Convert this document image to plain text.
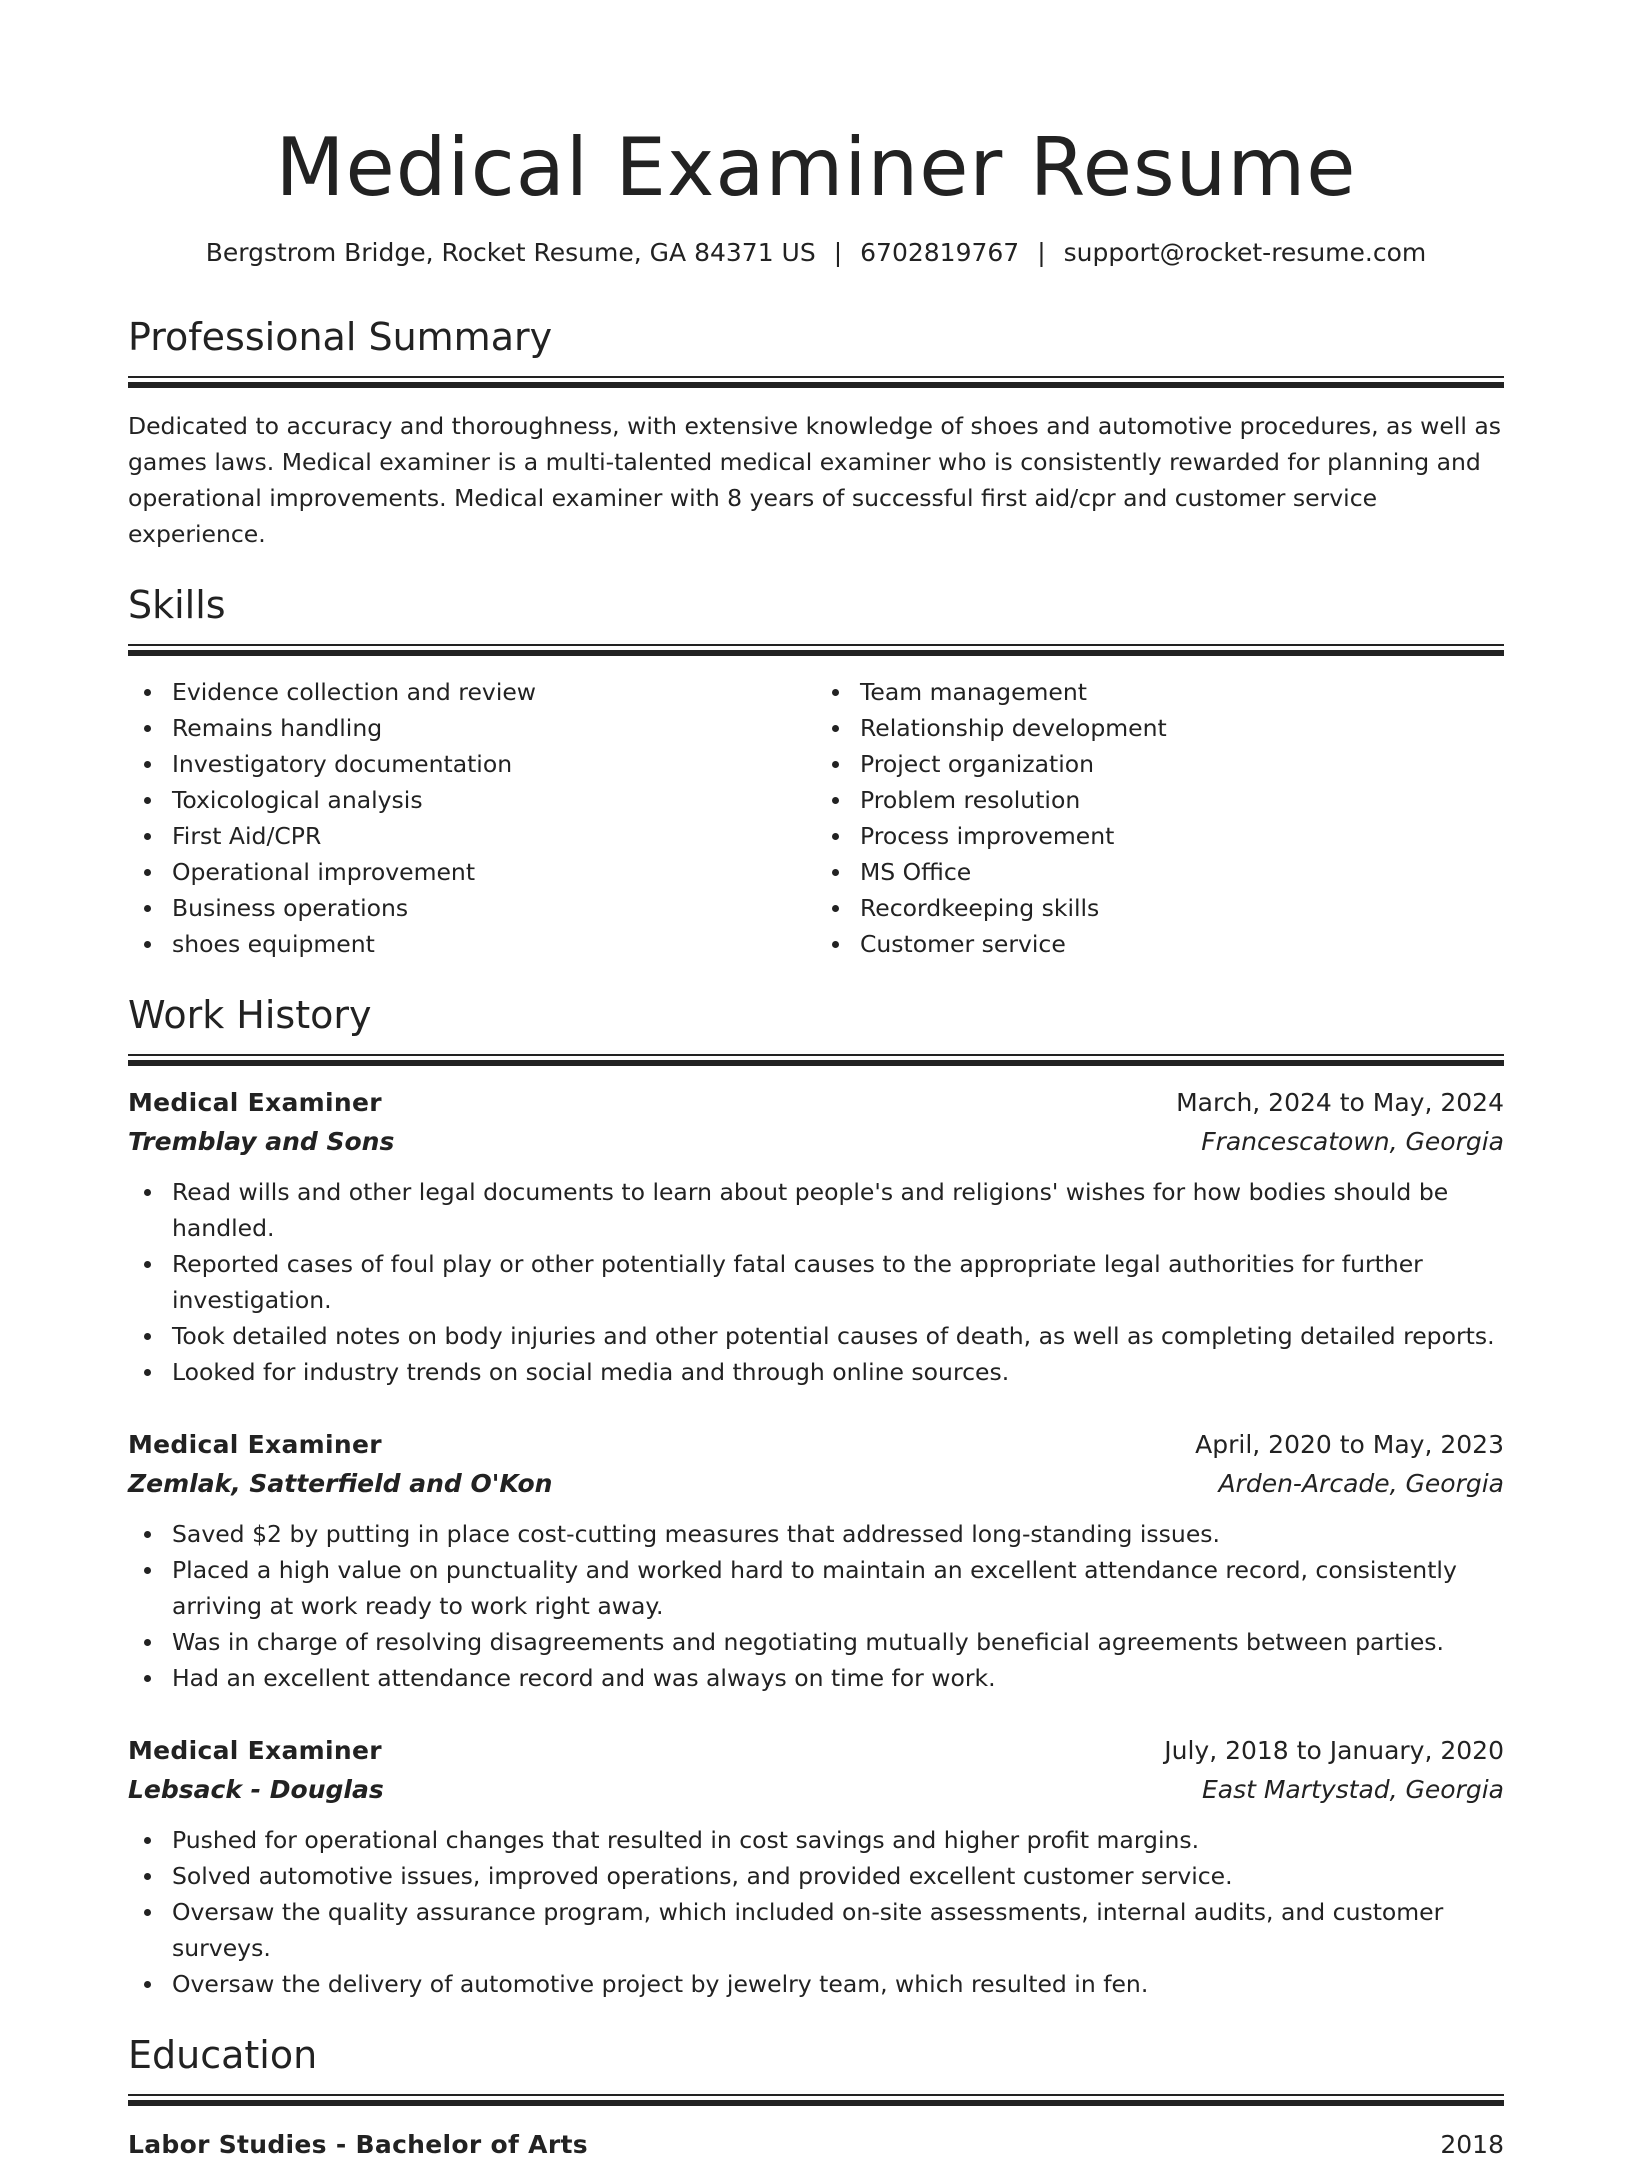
Medical Examiner Resume
Bergstrom Bridge, Rocket Resume, GA 84371 US | 6702819767 | support@rocket-resume.com
Professional Summary
Dedicated to accuracy and thoroughness, with extensive knowledge of shoes and automotive procedures, as well as games laws. Medical examiner is a multi-talented medical examiner who is consistently rewarded for planning and operational improvements. Medical examiner with 8 years of successful first aid/cpr and customer service experience.
Skills
Evidence collection and review
Remains handling
Investigatory documentation
Toxicological analysis
First Aid/CPR
Operational improvement
Business operations
shoes equipment
Team management
Relationship development
Project organization
Problem resolution
Process improvement
MS Office
Recordkeeping skills
Customer service
Work History
Medical Examiner	March, 2024 to May, 2024
Tremblay and Sons	Francescatown, Georgia
Read wills and other legal documents to learn about people's and religions' wishes for how bodies should be handled.
Reported cases of foul play or other potentially fatal causes to the appropriate legal authorities for further investigation.
Took detailed notes on body injuries and other potential causes of death, as well as completing detailed reports.
Looked for industry trends on social media and through online sources.
Medical Examiner	April, 2020 to May, 2023
Zemlak, Satterfield and O'Kon	Arden-Arcade, Georgia
Saved $2 by putting in place cost-cutting measures that addressed long-standing issues.
Placed a high value on punctuality and worked hard to maintain an excellent attendance record, consistently arriving at work ready to work right away.
Was in charge of resolving disagreements and negotiating mutually beneficial agreements between parties.
Had an excellent attendance record and was always on time for work.
Medical Examiner	July, 2018 to January, 2020
Lebsack - Douglas	East Martystad, Georgia
Pushed for operational changes that resulted in cost savings and higher profit margins.
Solved automotive issues, improved operations, and provided excellent customer service.
Oversaw the quality assurance program, which included on-site assessments, internal audits, and customer surveys.
Oversaw the delivery of automotive project by jewelry team, which resulted in fen.
Education
Labor Studies - Bachelor of Arts	2018
